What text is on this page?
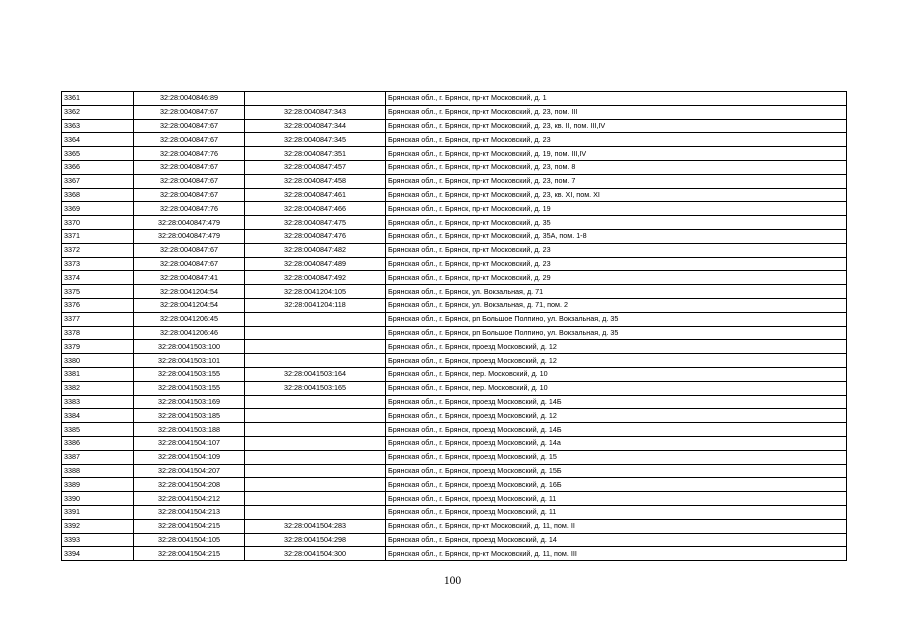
3361	32:28:0040846:89		Брянская обл., г. Брянск, пр-кт Московский, д. 1
3362	32:28:0040847:67	32:28:0040847:343	Брянская обл., г. Брянск, пр-кт Московский, д. 23, пом. III
3363	32:28:0040847:67	32:28:0040847:344	Брянская обл., г. Брянск, пр-кт Московский, д. 23, кв. II, пом. III,IV
3364	32:28:0040847:67	32:28:0040847:345	Брянская обл., г. Брянск, пр-кт Московский, д. 23
3365	32:28:0040847:76	32:28:0040847:351	Брянская обл., г. Брянск, пр-кт Московский, д. 19, пом. III,IV
3366	32:28:0040847:67	32:28:0040847:457	Брянская обл., г. Брянск, пр-кт Московский, д. 23, пом. 8
3367	32:28:0040847:67	32:28:0040847:458	Брянская обл., г. Брянск, пр-кт Московский, д. 23, пом. 7
3368	32:28:0040847:67	32:28:0040847:461	Брянская обл., г. Брянск, пр-кт Московский, д. 23, кв. XI, пом. XI
3369	32:28:0040847:76	32:28:0040847:466	Брянская обл., г. Брянск, пр-кт Московский, д. 19
3370	32:28:0040847:479	32:28:0040847:475	Брянская обл., г. Брянск, пр-кт Московский, д. 35
3371	32:28:0040847:479	32:28:0040847:476	Брянская обл., г. Брянск, пр-кт Московский, д. 35А, пом. 1-8
3372	32:28:0040847:67	32:28:0040847:482	Брянская обл., г. Брянск, пр-кт Московский, д. 23
3373	32:28:0040847:67	32:28:0040847:489	Брянская обл., г. Брянск, пр-кт Московский, д. 23
3374	32:28:0040847:41	32:28:0040847:492	Брянская обл., г. Брянск, пр-кт Московский, д. 29
3375	32:28:0041204:54	32:28:0041204:105	Брянская обл., г. Брянск, ул. Вокзальная, д. 71
3376	32:28:0041204:54	32:28:0041204:118	Брянская обл., г. Брянск, ул. Вокзальная, д. 71, пом. 2
3377	32:28:0041206:45		Брянская обл., г. Брянск, рп Большое Полпино, ул. Вокзальная, д. 35
3378	32:28:0041206:46		Брянская обл., г. Брянск, рп Большое Полпино, ул. Вокзальная, д. 35
3379	32:28:0041503:100		Брянская обл., г. Брянск, проезд Московский, д. 12
3380	32:28:0041503:101		Брянская обл., г. Брянск, проезд Московский, д. 12
3381	32:28:0041503:155	32:28:0041503:164	Брянская обл., г. Брянск, пер. Московский, д. 10
3382	32:28:0041503:155	32:28:0041503:165	Брянская обл., г. Брянск, пер. Московский, д. 10
3383	32:28:0041503:169		Брянская обл., г. Брянск, проезд Московский, д. 14Б
3384	32:28:0041503:185		Брянская обл., г. Брянск, проезд Московский, д. 12
3385	32:28:0041503:188		Брянская обл., г. Брянск, проезд Московский, д. 14Б
3386	32:28:0041504:107		Брянская обл., г. Брянск, проезд Московский, д. 14а
3387	32:28:0041504:109		Брянская обл., г. Брянск, проезд Московский, д. 15
3388	32:28:0041504:207		Брянская обл., г. Брянск, проезд Московский, д. 15Б
3389	32:28:0041504:208		Брянская обл., г. Брянск, проезд Московский, д. 16Б
3390	32:28:0041504:212		Брянская обл., г. Брянск, проезд Московский, д. 11
3391	32:28:0041504:213		Брянская обл., г. Брянск, проезд Московский, д. 11
3392	32:28:0041504:215	32:28:0041504:283	Брянская обл., г. Брянск, пр-кт Московский, д. 11, пом. II
3393	32:28:0041504:105	32:28:0041504:298	Брянская обл., г. Брянск, проезд Московский, д. 14
3394	32:28:0041504:215	32:28:0041504:300	Брянская обл., г. Брянск, пр-кт Московский, д. 11, пом. III
100
